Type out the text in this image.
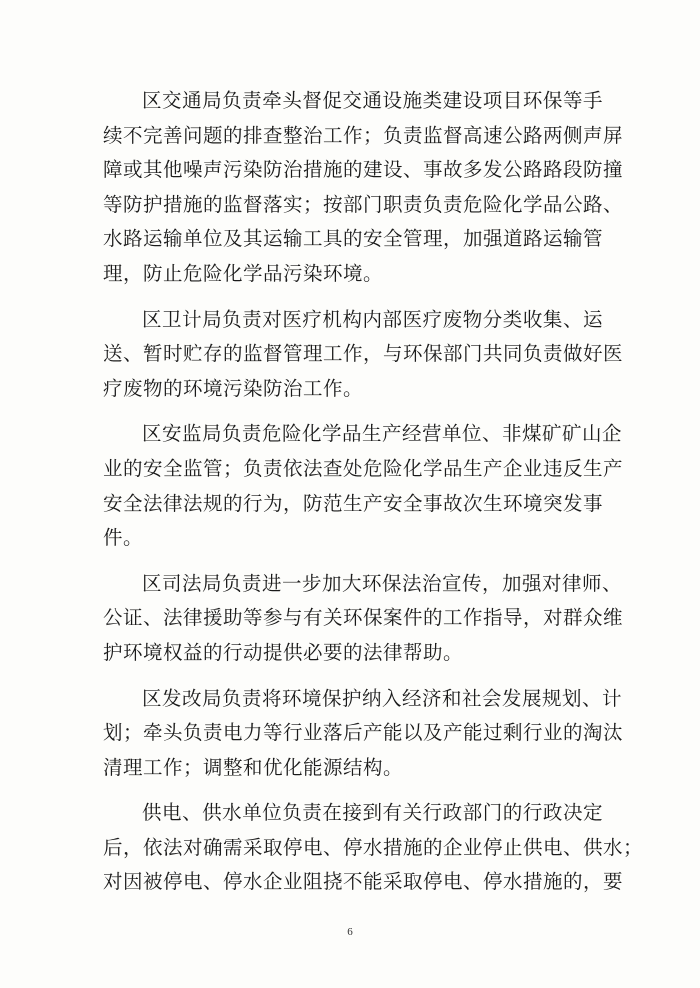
区交通局负责牵头督促交通设施类建设项目环保等手
续不完善问题的排查整治工作；负责监督高速公路两侧声屏
障或其他噪声污染防治措施的建设、事故多发公路路段防撞
等防护措施的监督落实；按部门职责负责危险化学品公路、
水路运输单位及其运输工具的安全管理，加强道路运输管
理，防止危险化学品污染环境。
区卫计局负责对医疗机构内部医疗废物分类收集、运
送、暂时贮存的监督管理工作，与环保部门共同负责做好医
疗废物的环境污染防治工作。
区安监局负责危险化学品生产经营单位、非煤矿矿山企
业的安全监管；负责依法查处危险化学品生产企业违反生产
安全法律法规的行为，防范生产安全事故次生环境突发事
件。
区司法局负责进一步加大环保法治宣传，加强对律师、
公证、法律援助等参与有关环保案件的工作指导，对群众维
护环境权益的行动提供必要的法律帮助。
区发改局负责将环境保护纳入经济和社会发展规划、计
划；牵头负责电力等行业落后产能以及产能过剩行业的淘汰
清理工作；调整和优化能源结构。
供电、供水单位负责在接到有关行政部门的行政决定
后，依法对确需采取停电、停水措施的企业停止供电、供水；
对因被停电、停水企业阻挠不能采取停电、停水措施的，要
6
